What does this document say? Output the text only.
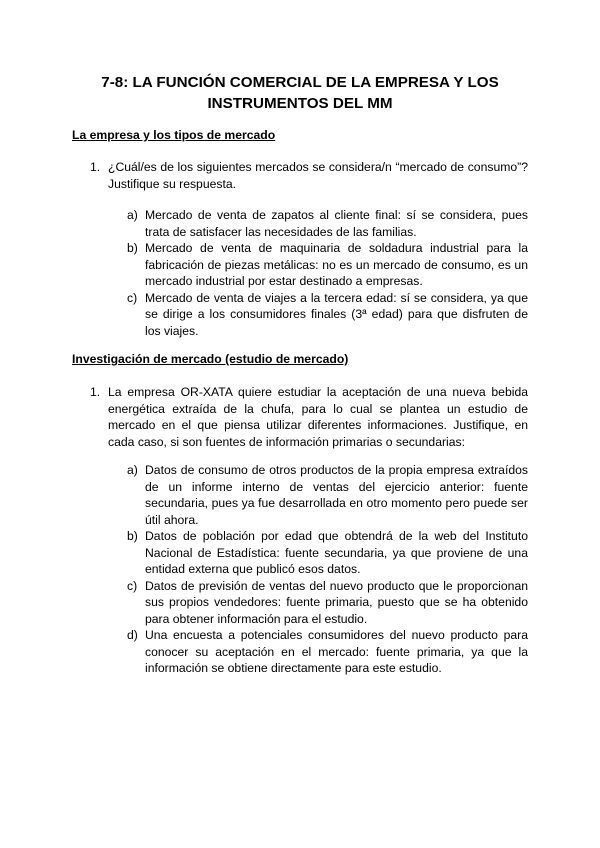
7-8: LA FUNCIÓN COMERCIAL DE LA EMPRESA Y LOS INSTRUMENTOS DEL MM
La empresa y los tipos de mercado
1. ¿Cuál/es de los siguientes mercados se considera/n “mercado de consumo”? Justifique su respuesta.
a) Mercado de venta de zapatos al cliente final: sí se considera, pues trata de satisfacer las necesidades de las familias.
b) Mercado de venta de maquinaria de soldadura industrial para la fabricación de piezas metálicas: no es un mercado de consumo, es un mercado industrial por estar destinado a empresas.
c) Mercado de venta de viajes a la tercera edad: sí se considera, ya que se dirige a los consumidores finales (3ª edad) para que disfruten de los viajes.
Investigación de mercado (estudio de mercado)
1. La empresa OR-XATA quiere estudiar la aceptación de una nueva bebida energética extraída de la chufa, para lo cual se plantea un estudio de mercado en el que piensa utilizar diferentes informaciones. Justifique, en cada caso, si son fuentes de información primarias o secundarias:
a) Datos de consumo de otros productos de la propia empresa extraídos de un informe interno de ventas del ejercicio anterior: fuente secundaria, pues ya fue desarrollada en otro momento pero puede ser útil ahora.
b) Datos de población por edad que obtendrá de la web del Instituto Nacional de Estadística: fuente secundaria, ya que proviene de una entidad externa que publicó esos datos.
c) Datos de previsión de ventas del nuevo producto que le proporcionan sus propios vendedores: fuente primaria, puesto que se ha obtenido para obtener información para el estudio.
d) Una encuesta a potenciales consumidores del nuevo producto para conocer su aceptación en el mercado: fuente primaria, ya que la información se obtiene directamente para este estudio.
